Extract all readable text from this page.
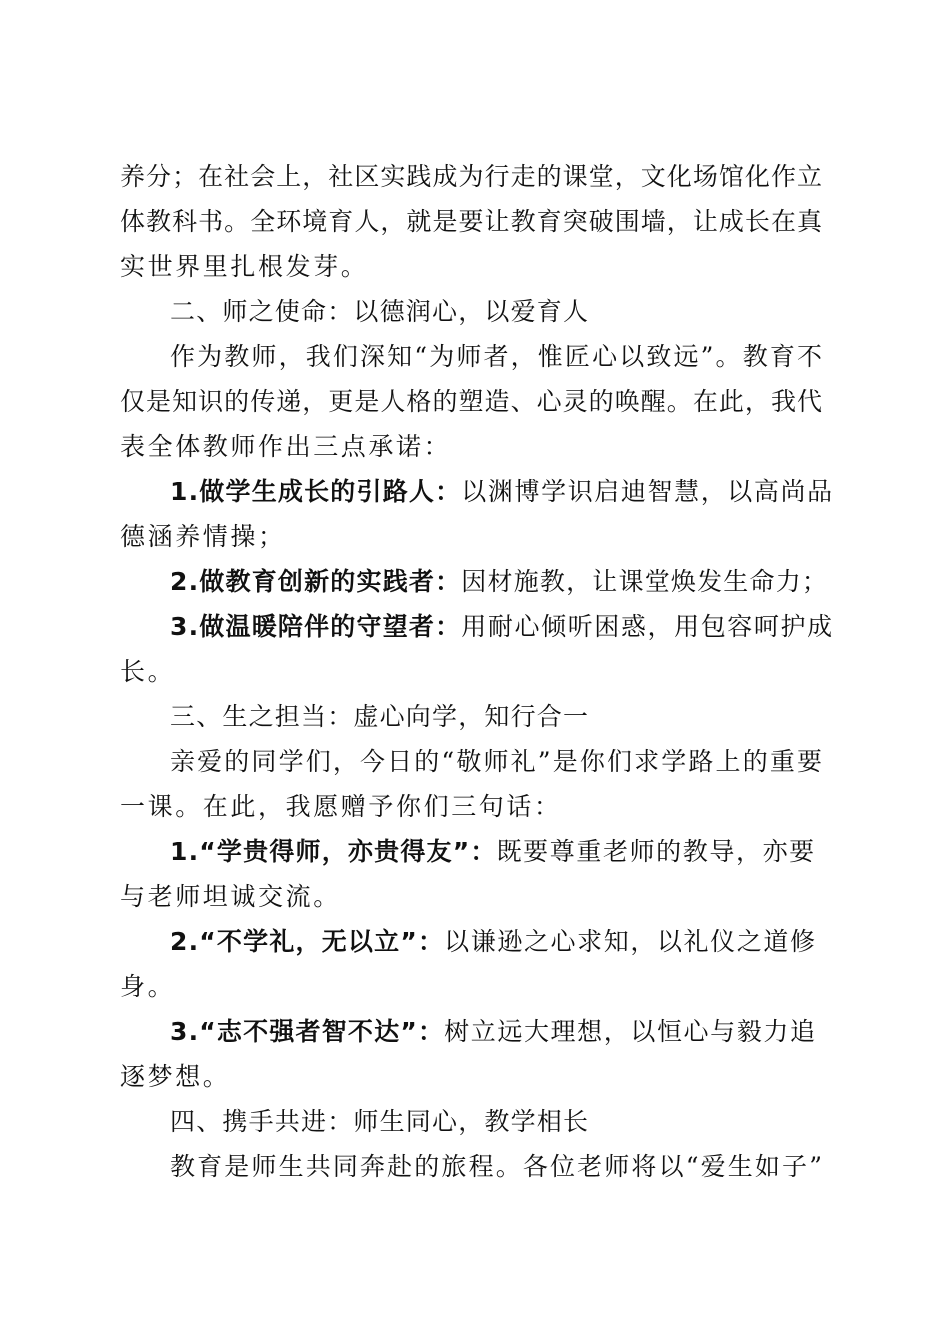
养分；在社会上，社区实践成为行走的课堂，文化场馆化作立
体教科书。全环境育人，就是要让教育突破围墙，让成长在真
实世界里扎根发芽。
二、师之使命：以德润心，以爱育人
作为教师，我们深知“为师者，惟匠心以致远”。教育不
仅是知识的传递，更是人格的塑造、心灵的唤醒。在此，我代
表全体教师作出三点承诺：
1.做学生成长的引路人：以渊博学识启迪智慧，以高尚品
德涵养情操；
2.做教育创新的实践者：因材施教，让课堂焕发生命力；
3.做温暖陪伴的守望者：用耐心倾听困惑，用包容呵护成
长。
三、生之担当：虚心向学，知行合一
亲爱的同学们，今日的“敬师礼”是你们求学路上的重要
一课。在此，我愿赠予你们三句话：
1.“学贵得师，亦贵得友”：既要尊重老师的教导，亦要
与老师坦诚交流。
2.“不学礼，无以立”：以谦逊之心求知，以礼仪之道修
身。
3.“志不强者智不达”：树立远大理想，以恒心与毅力追
逐梦想。
四、携手共进：师生同心，教学相长
教育是师生共同奔赴的旅程。各位老师将以“爱生如子”
